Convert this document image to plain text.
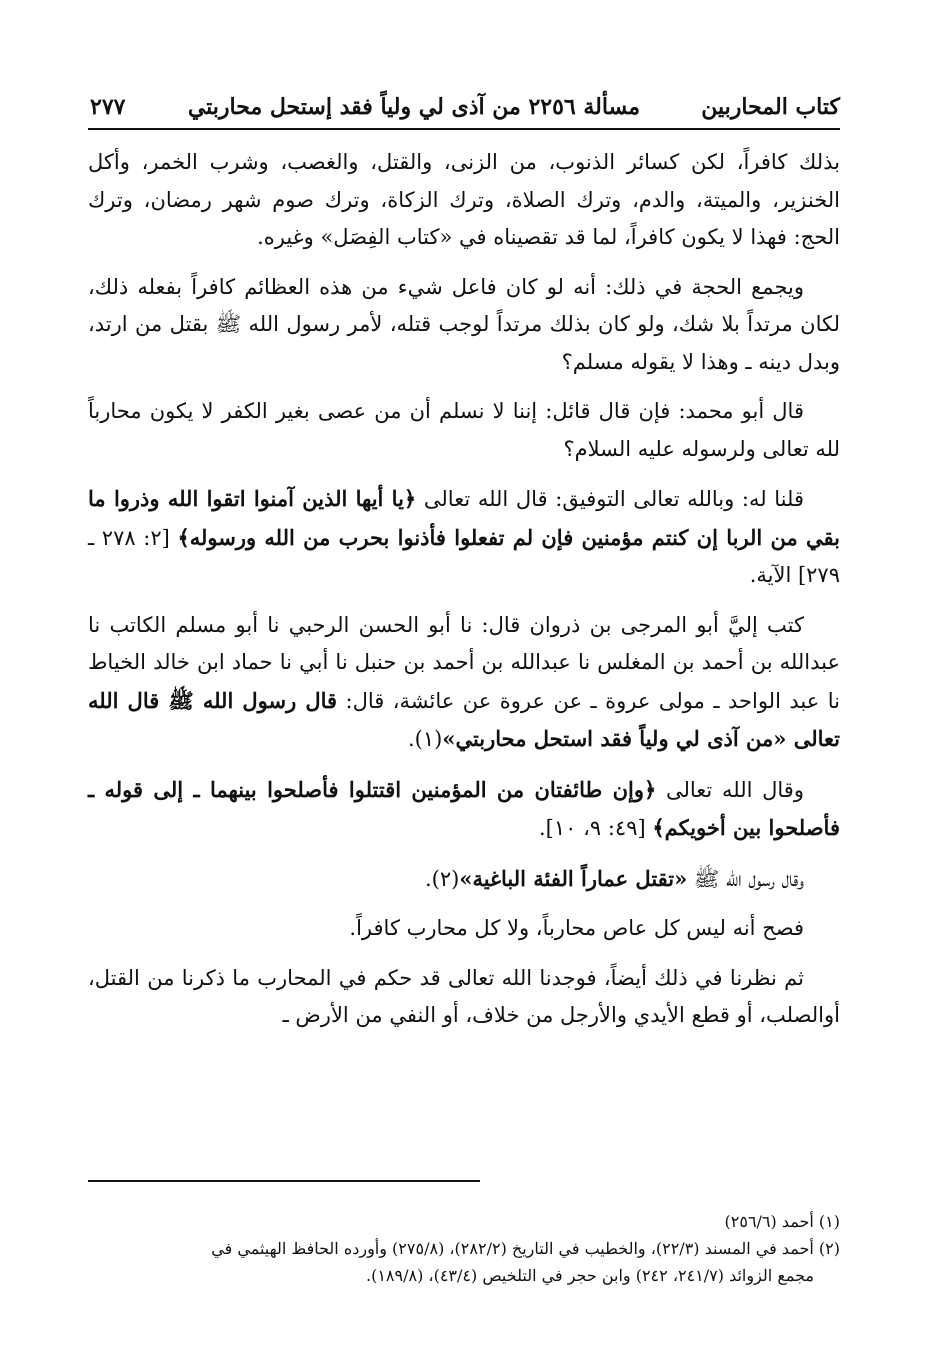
كتاب المحاربين
مسألة ٢٢٥٦ من آذى لي ولياً فقد إستحل محاربتي
٢٧٧

بذلك كافراً، لكن كسائر الذنوب، من الزنى، والقتل، والغصب، وشرب الخمر، وأكل الخنزير، والميتة، والدم، وترك الصلاة، وترك الزكاة، وترك صوم شهر رمضان، وترك الحج: فهذا لا يكون كافراً، لما قد تقصيناه في «كتاب الفِصَل» وغيره.

ويجمع الحجة في ذلك: أنه لو كان فاعل شيء من هذه العظائم كافراً بفعله ذلك، لكان مرتداً بلا شك، ولو كان بذلك مرتداً لوجب قتله، لأمر رسول الله ﷺ بقتل من ارتد، وبدل دينه ـ وهذا لا يقوله مسلم؟

قال أبو محمد: فإن قال قائل: إننا لا نسلم أن من عصى بغير الكفر لا يكون محارباً لله تعالى ولرسوله عليه السلام؟

قلنا له: وبالله تعالى التوفيق: قال الله تعالى ﴿يا أيها الذين آمنوا اتقوا الله وذروا ما بقي من الربا إن كنتم مؤمنين فإن لم تفعلوا فأذنوا بحرب من الله ورسوله﴾ [٢: ٢٧٨ ـ ٢٧٩] الآية.

كتب إليَّ أبو المرجى بن ذروان قال: نا أبو الحسن الرحبي نا أبو مسلم الكاتب نا عبدالله بن أحمد بن المغلس نا عبدالله بن أحمد بن حنبل نا أبي نا حماد ابن خالد الخياط نا عبد الواحد ـ مولى عروة ـ عن عروة عن عائشة، قال: قال رسول الله ﷺ قال الله تعالى «من آذى لي ولياً فقد استحل محاربتي»(١).

وقال الله تعالى ﴿وإن طائفتان من المؤمنين اقتتلوا فأصلحوا بينهما ـ إلى قوله ـ فأصلحوا بين أخويكم﴾ [٤٩: ٩، ١٠].

وقال رسول الله ﷺ «تقتل عماراً الفئة الباغية»(٢).

فصح أنه ليس كل عاص محارباً، ولا كل محارب كافراً.

ثم نظرنا في ذلك أيضاً، فوجدنا الله تعالى قد حكم في المحارب ما ذكرنا من القتل، أوالصلب، أو قطع الأيدي والأرجل من خلاف، أو النفي من الأرض ـ

(١) أحمد (٢٥٦/٦)

(٢) أحمد في المسند (٢٢/٣)، والخطيب في التاريخ (٢٨٢/٢)، (٢٧٥/٨) وأورده الحافظ الهيثمي في

مجمع الزوائد (٢٤١/٧، ٢٤٢) وابن حجر في التلخيص (٤٣/٤)، (١٨٩/٨).
